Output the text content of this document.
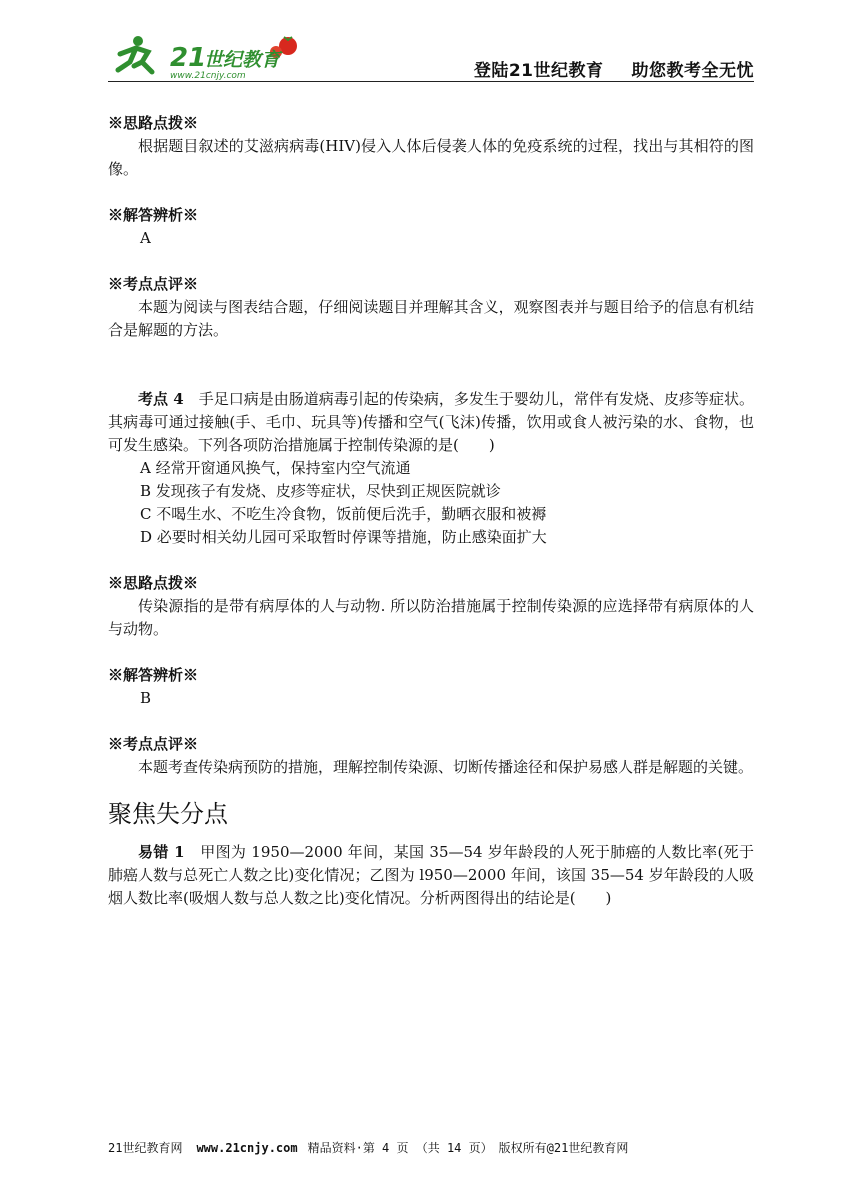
21
世纪教育
www.21cnjy.com	登陆21世纪教育 助您教考全无忧
※思路点拨※
根据题目叙述的艾滋病病毒(HIV)侵入人体后侵袭人体的免疫系统的过程，找出与其相符的图像。
※解答辨析※
A
※考点点评※
本题为阅读与图表结合题，仔细阅读题目并理解其含义，观察图表并与题目给予的信息有机结合是解题的方法。
考点 4　 手足口病是由肠道病毒引起的传染病，多发生于婴幼儿，常伴有发烧、皮疹等症状。其病毒可通过接触(手、毛巾、玩具等)传播和空气(飞沫)传播，饮用或食人被污染的水、食物，也可发生感染。下列各项防治措施属于控制传染源的是(　　)
A 经常开窗通风换气，保持室内空气流通
B 发现孩子有发烧、皮疹等症状，尽快到正规医院就诊
C 不喝生水、不吃生冷食物，饭前便后洗手，勤晒衣服和被褥
D 必要时相关幼儿园可采取暂时停课等措施，防止感染面扩大
※思路点拨※
传染源指的是带有病厚体的人与动物. 所以防治措施属于控制传染源的应选择带有病原体的人与动物。
※解答辨析※
B
※考点点评※
本题考查传染病预防的措施，理解控制传染源、切断传播途径和保护易感人群是解题的关键。
聚焦失分点
易错 1　 甲图为 1950—2000 年间，某国 35—54 岁年龄段的人死于肺癌的人数比率(死于肺癌人数与总死亡人数之比)变化情况；乙图为 l950—2000 年间，该国 35—54 岁年龄段的人吸烟人数比率(吸烟人数与总人数之比)变化情况。分析两图得出的结论是(　　)
21世纪教育网 www.21cnjy.com 精品资料·第 4 页 （共 14 页）　 版权所有@21世纪教育网
